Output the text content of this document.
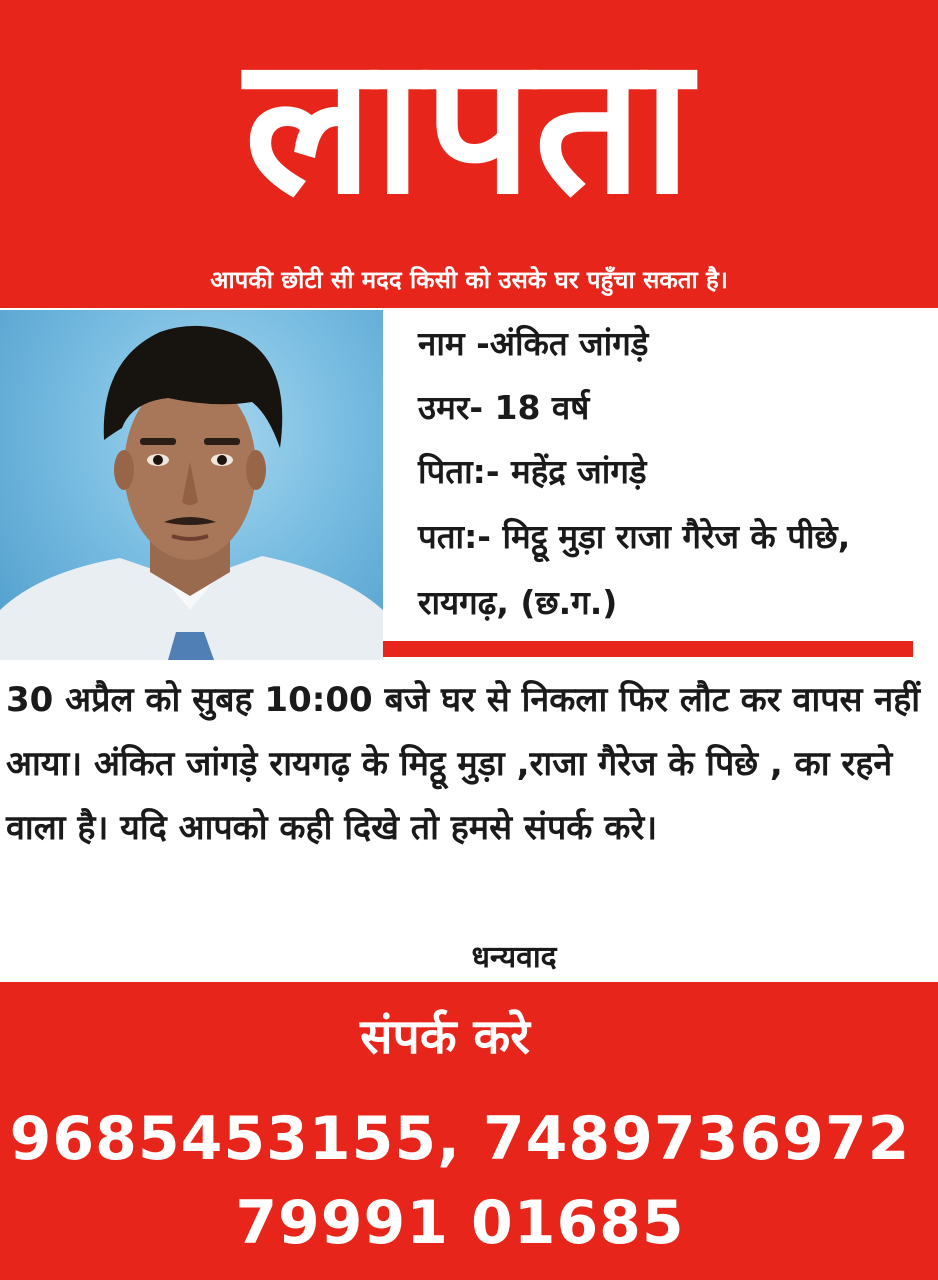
लापता
आपकी छोटी सी मदद किसी को उसके घर पहुँचा सकता है।
नाम -अंकित जांगड़े
उमर- 18 वर्ष
पिता:- महेंद्र जांगड़े
पता:- मिट्ठू मुड़ा राजा गैरेज के पीछे, रायगढ़, (छ.ग.)
30 अप्रैल को सुबह 10:00 बजे घर से निकला फिर लौट कर वापस नहीं आया। अंकित जांगड़े रायगढ़ के मिट्ठू मुड़ा ,राजा गैरेज के पिछे , का रहने वाला है। यदि आपको कही दिखे तो हमसे संपर्क करे।
धन्यवाद
संपर्क करे
9685453155, 7489736972
79991 01685
